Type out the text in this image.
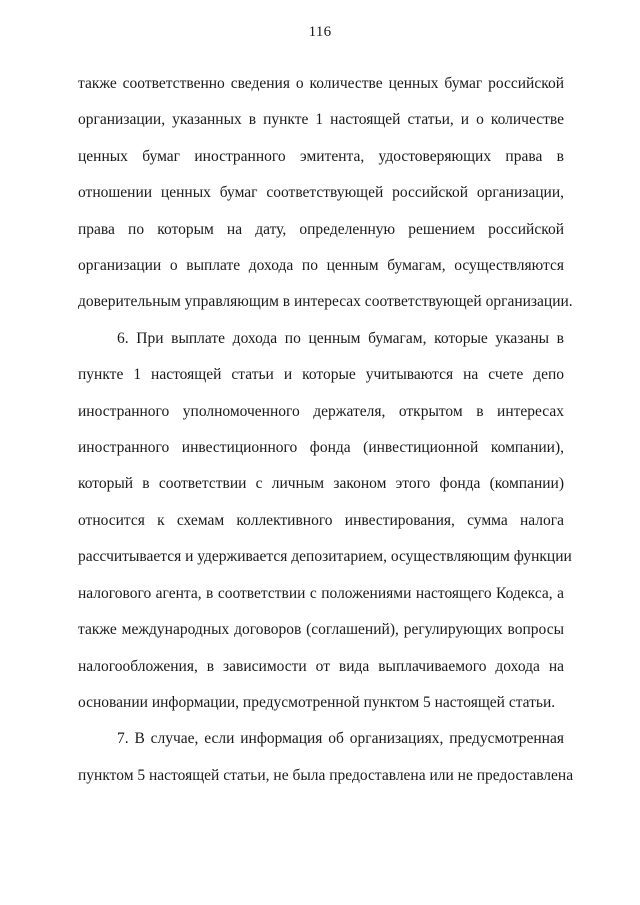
116
также соответственно сведения о количестве ценных бумаг российской
организации, указанных в пункте 1 настоящей статьи, и о количестве
ценных бумаг иностранного эмитента, удостоверяющих права в
отношении ценных бумаг соответствующей российской организации,
права по которым на дату, определенную решением российской
организации о выплате дохода по ценным бумагам, осуществляются
доверительным управляющим в интересах соответствующей организации.
6. При выплате дохода по ценным бумагам, которые указаны в
пункте 1 настоящей статьи и которые учитываются на счете депо
иностранного уполномоченного держателя, открытом в интересах
иностранного инвестиционного фонда (инвестиционной компании),
который в соответствии с личным законом этого фонда (компании)
относится к схемам коллективного инвестирования, сумма налога
рассчитывается и удерживается депозитарием, осуществляющим функции
налогового агента, в соответствии с положениями настоящего Кодекса, а
также международных договоров (соглашений), регулирующих вопросы
налогообложения, в зависимости от вида выплачиваемого дохода на
основании информации, предусмотренной пунктом 5 настоящей статьи.
7. В случае, если информация об организациях, предусмотренная
пунктом 5 настоящей статьи, не была предоставлена или не предоставлена
